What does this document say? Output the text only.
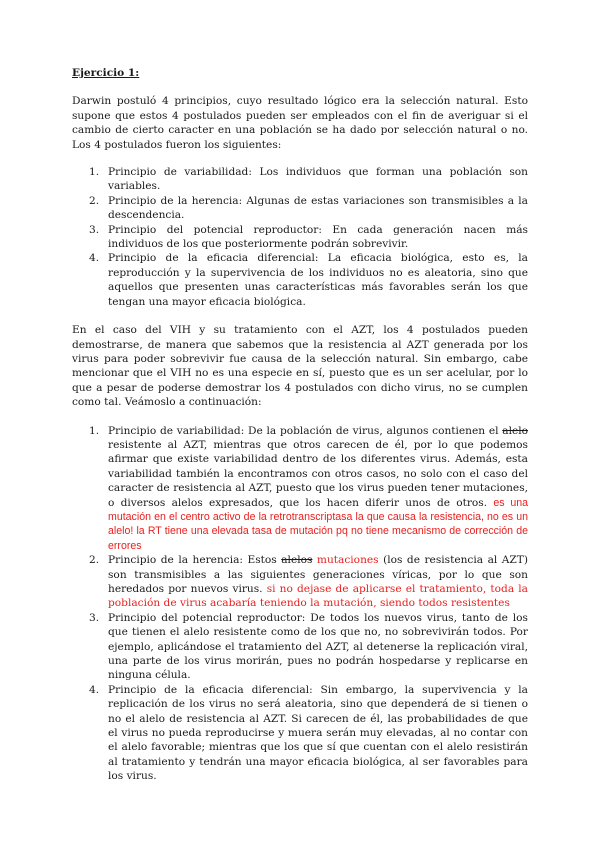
Ejercicio 1:

Darwin postuló 4 principios, cuyo resultado lógico era la selección natural. Esto supone que estos 4 postulados pueden ser empleados con el fin de averiguar si el cambio de cierto caracter en una población se ha dado por selección natural o no. Los 4 postulados fueron los siguientes:

1. Principio de variabilidad: Los individuos que forman una población son variables.
2. Principio de la herencia: Algunas de estas variaciones son transmisibles a la descendencia.
3. Principio del potencial reproductor: En cada generación nacen más individuos de los que posteriormente podrán sobrevivir.
4. Principio de la eficacia diferencial: La eficacia biológica, esto es, la reproducción y la supervivencia de los individuos no es aleatoria, sino que aquellos que presenten unas características más favorables serán los que tengan una mayor eficacia biológica.

En el caso del VIH y su tratamiento con el AZT, los 4 postulados pueden demostrarse, de manera que sabemos que la resistencia al AZT generada por los virus para poder sobrevivir fue causa de la selección natural. Sin embargo, cabe mencionar que el VIH no es una especie en sí, puesto que es un ser acelular, por lo que a pesar de poderse demostrar los 4 postulados con dicho virus, no se cumplen como tal. Veámoslo a continuación:

1. Principio de variabilidad: De la población de virus, algunos contienen el alelo resistente al AZT, mientras que otros carecen de él, por lo que podemos afirmar que existe variabilidad dentro de los diferentes virus. Además, esta variabilidad también la encontramos con otros casos, no solo con el caso del caracter de resistencia al AZT, puesto que los virus pueden tener mutaciones, o diversos alelos expresados, que los hacen diferir unos de otros. es una mutación en el centro activo de la retrotranscriptasa la que causa la resistencia, no es un alelo! la RT tiene una elevada tasa de mutación pq no tiene mecanismo de corrección de errores
2. Principio de la herencia: Estos alelos mutaciones (los de resistencia al AZT) son transmisibles a las siguientes generaciones víricas, por lo que son heredados por nuevos virus. si no dejase de aplicarse el tratamiento, toda la población de virus acabaría teniendo la mutación, siendo todos resistentes
3. Principio del potencial reproductor: De todos los nuevos virus, tanto de los que tienen el alelo resistente como de los que no, no sobrevivirán todos. Por ejemplo, aplicándose el tratamiento del AZT, al detenerse la replicación viral, una parte de los virus morirán, pues no podrán hospedarse y replicarse en ninguna célula.
4. Principio de la eficacia diferencial: Sin embargo, la supervivencia y la replicación de los virus no será aleatoria, sino que dependerá de si tienen o no el alelo de resistencia al AZT. Si carecen de él, las probabilidades de que el virus no pueda reproducirse y muera serán muy elevadas, al no contar con el alelo favorable; mientras que los que sí que cuentan con el alelo resistirán al tratamiento y tendrán una mayor eficacia biológica, al ser favorables para los virus.
